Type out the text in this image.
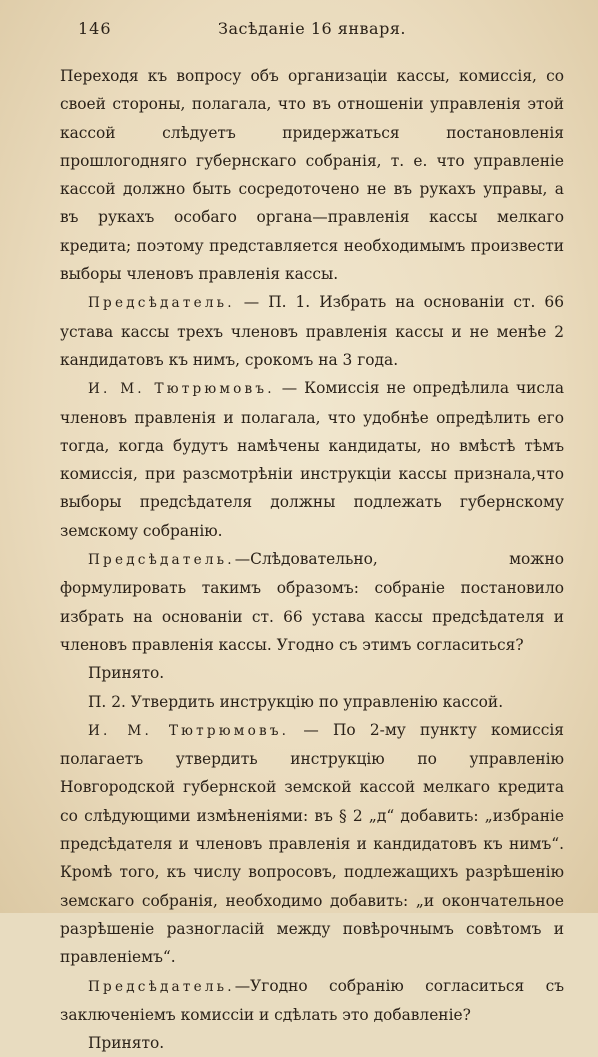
146	Засѣданіе 16 января.

Переходя къ вопросу объ организаціи кассы, комиссія, со своей стороны, полагала, что въ отношеніи управленія этой кассой слѣдуетъ придержаться постановленія прошлогодняго губернскаго собранія, т. е. что управленіе кассой должно быть сосредоточено не въ рукахъ управы, а въ рукахъ особаго органа—правленія кассы мелкаго кредита; поэтому представляется необходимымъ произвести выборы членовъ правленія кассы.

Предсѣдатель. — П. 1. Избрать на основаніи ст. 66 устава кассы трехъ членовъ правленія кассы и не менѣе 2 кандидатовъ къ нимъ, срокомъ на 3 года.

И. М. Тютрюмовъ. — Комиссія не опредѣлила числа членовъ правленія и полагала, что удобнѣе опредѣлить его тогда, когда будутъ намѣчены кандидаты, но вмѣстѣ тѣмъ комиссія, при разсмотрѣніи инструкціи кассы признала,что выборы предсѣдателя должны подлежать губернскому земскому собранію.

Предсѣдатель.—Слѣдовательно, можно формулировать такимъ образомъ: собраніе постановило избрать на основаніи ст. 66 устава кассы предсѣдателя и членовъ правленія кассы. Угодно съ этимъ согласиться?

Принято.

П. 2. Утвердить инструкцію по управленію кассой.

И. М. Тютрюмовъ. — По 2-му пункту комиссія полагаетъ утвердить инструкцію по управленію Новгородской губернской земской кассой мелкаго кредита со слѣдующими измѣненіями: въ § 2 „д“ добавить: „избраніе предсѣдателя и членовъ правленія и кандидатовъ къ нимъ“. Кромѣ того, къ числу вопросовъ, подлежащихъ разрѣшенію земскаго собранія, необходимо добавить: „и окончательное разрѣшеніе разногласій между повѣрочнымъ совѣтомъ и правленіемъ“.

Предсѣдатель.—Угодно собранію согласиться съ заключеніемъ комиссіи и сдѣлать это добавленіе?

Принято.
